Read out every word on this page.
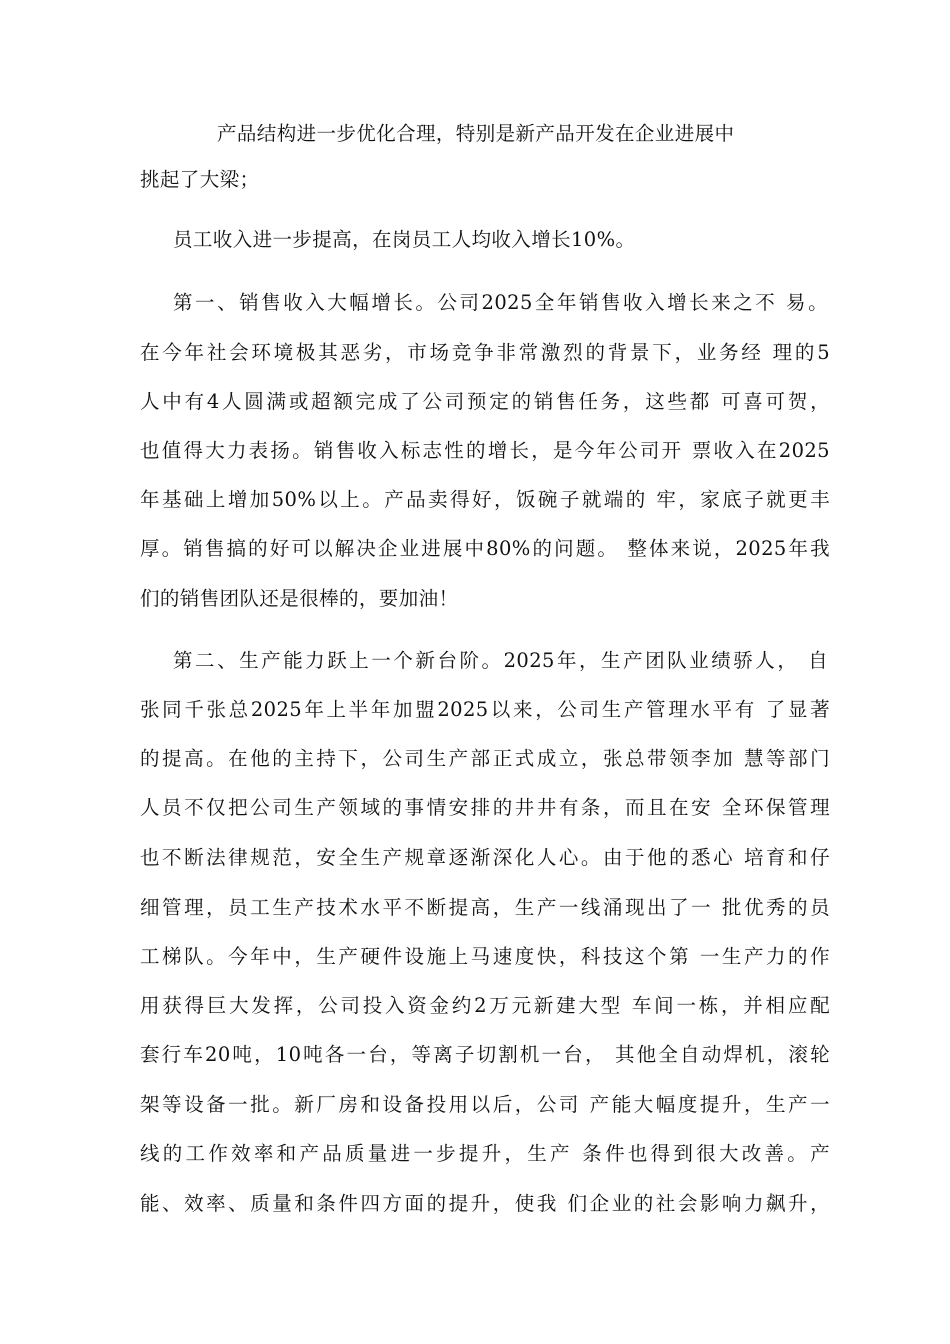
产品结构进一步优化合理，特别是新产品开发在企业进展中
挑起了大梁；
员工收入进一步提高，在岗员工人均收入增长10%。
第一、销售收入大幅增长。公司2025全年销售收入增长来之不 易。
在今年社会环境极其恶劣，市场竞争非常激烈的背景下，业务经 理的5
人中有4人圆满或超额完成了公司预定的销售任务，这些都 可喜可贺，
也值得大力表扬。销售收入标志性的增长，是今年公司开 票收入在2025
年基础上增加50%以上。产品卖得好，饭碗子就端的 牢，家底子就更丰
厚。销售搞的好可以解决企业进展中80%的问题。 整体来说，2025年我
们的销售团队还是很棒的，要加油！
第二、生产能力跃上一个新台阶。2025年，生产团队业绩骄人， 自
张同千张总2025年上半年加盟2025以来，公司生产管理水平有 了显著
的提高。在他的主持下，公司生产部正式成立，张总带领李加 慧等部门
人员不仅把公司生产领域的事情安排的井井有条，而且在安 全环保管理
也不断法律规范，安全生产规章逐渐深化人心。由于他的悉心 培育和仔
细管理，员工生产技术水平不断提高，生产一线涌现出了一 批优秀的员
工梯队。今年中，生产硬件设施上马速度快，科技这个第 一生产力的作
用获得巨大发挥，公司投入资金约2万元新建大型 车间一栋，并相应配
套行车20吨，10吨各一台，等离子切割机一台， 其他全自动焊机，滚轮
架等设备一批。新厂房和设备投用以后，公司 产能大幅度提升，生产一
线的工作效率和产品质量进一步提升，生产 条件也得到很大改善。产
能、效率、质量和条件四方面的提升，使我 们企业的社会影响力飙升，
